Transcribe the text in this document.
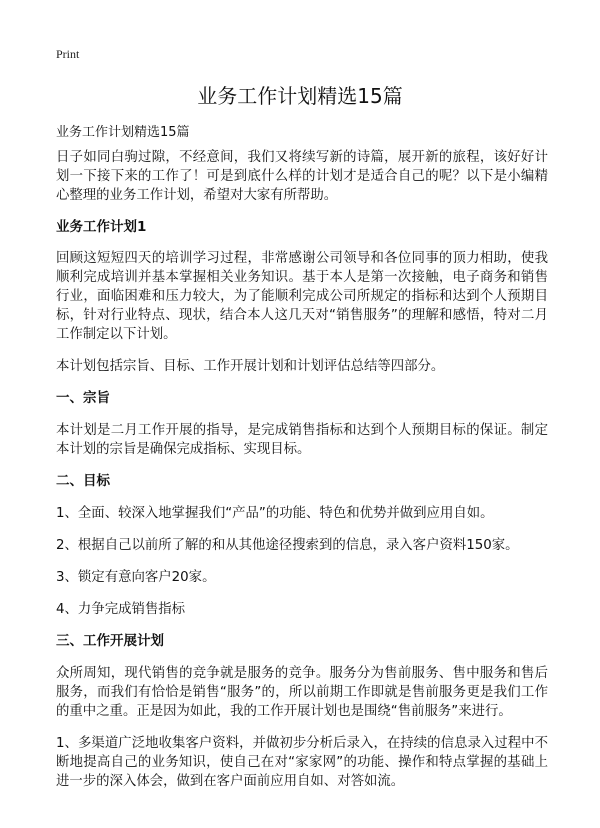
Print
业务工作计划精选15篇
业务工作计划精选15篇

日子如同白驹过隙，不经意间，我们又将续写新的诗篇，展开新的旅程，该好好计划一下接下来的工作了！可是到底什么样的计划才是适合自己的呢？以下是小编精心整理的业务工作计划，希望对大家有所帮助。

业务工作计划1

回顾这短短四天的培训学习过程，非常感谢公司领导和各位同事的顶力相助，使我顺利完成培训并基本掌握相关业务知识。基于本人是第一次接触，电子商务和销售行业，面临困难和压力较大，为了能顺利完成公司所规定的指标和达到个人预期目标，针对行业特点、现状，结合本人这几天对“销售服务”的理解和感悟，特对二月工作制定以下计划。

本计划包括宗旨、目标、工作开展计划和计划评估总结等四部分。

一、宗旨

本计划是二月工作开展的指导，是完成销售指标和达到个人预期目标的保证。制定本计划的宗旨是确保完成指标、实现目标。

二、目标

1、全面、较深入地掌握我们“产品”的功能、特色和优势并做到应用自如。

2、根据自己以前所了解的和从其他途径搜索到的信息，录入客户资料150家。

3、锁定有意向客户20家。

4、力争完成销售指标

三、工作开展计划

众所周知，现代销售的竞争就是服务的竞争。服务分为售前服务、售中服务和售后服务，而我们有恰恰是销售“服务”的，所以前期工作即就是售前服务更是我们工作的重中之重。正是因为如此，我的工作开展计划也是围绕“售前服务”来进行。

1、多渠道广泛地收集客户资料，并做初步分析后录入，在持续的信息录入过程中不断地提高自己的业务知识，使自己在对“家家网”的功能、操作和特点掌握的基础上进一步的深入体会，做到在客户面前应用自如、对答如流。
